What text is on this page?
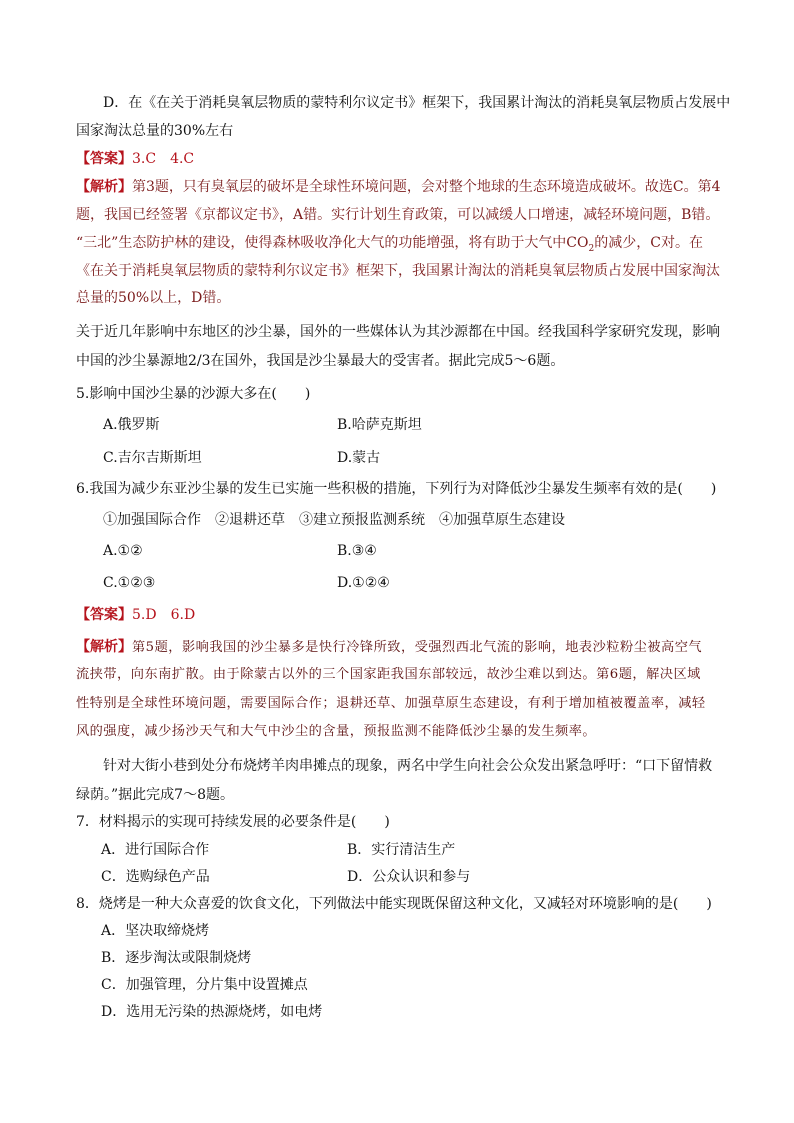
D．在《在关于消耗臭氧层物质的蒙特利尔议定书》框架下，我国累计淘汰的消耗臭氧层物质占发展中
国家淘汰总量的30%左右
【答案】3.C　4.C
【解析】第3题，只有臭氧层的破坏是全球性环境问题，会对整个地球的生态环境造成破坏。故选C。第4
题，我国已经签署《京都议定书》，A错。实行计划生育政策，可以减缓人口增速，减轻环境问题，B错。
“三北”生态防护林的建设，使得森林吸收净化大气的功能增强，将有助于大气中$CO_2$的减少，C对。在
《在关于消耗臭氧层物质的蒙特利尔议定书》框架下，我国累计淘汰的消耗臭氧层物质占发展中国家淘汰
总量的50%以上，D错。
关于近几年影响中东地区的沙尘暴，国外的一些媒体认为其沙源都在中国。经我国科学家研究发现，影响
中国的沙尘暴源地2/3在国外，我国是沙尘暴最大的受害者。据此完成5～6题。
5.影响中国沙尘暴的沙源大多在(　　)
A.俄罗斯	B.哈萨克斯坦
C.吉尔吉斯斯坦	D.蒙古
6.我国为减少东亚沙尘暴的发生已实施一些积极的措施，下列行为对降低沙尘暴发生频率有效的是(　　)
①加强国际合作　②退耕还草　③建立预报监测系统　④加强草原生态建设
A.①②	B.③④
C.①②③	D.①②④
【答案】5.D　6.D
【解析】第5题，影响我国的沙尘暴多是快行冷锋所致，受强烈西北气流的影响，地表沙粒粉尘被高空气
流挟带，向东南扩散。由于除蒙古以外的三个国家距我国东部较远，故沙尘难以到达。第6题，解决区域
性特别是全球性环境问题，需要国际合作；退耕还草、加强草原生态建设，有利于增加植被覆盖率，减轻
风的强度，减少扬沙天气和大气中沙尘的含量，预报监测不能降低沙尘暴的发生频率。
针对大街小巷到处分布烧烤羊肉串摊点的现象，两名中学生向社会公众发出紧急呼吁：“口下留情救
绿荫。”据此完成7～8题。
7．材料揭示的实现可持续发展的必要条件是(　　)
A．进行国际合作	B．实行清洁生产
C．选购绿色产品	D．公众认识和参与
8．烧烤是一种大众喜爱的饮食文化，下列做法中能实现既保留这种文化，又减轻对环境影响的是(　　)
A．坚决取缔烧烤
B．逐步淘汰或限制烧烤
C．加强管理，分片集中设置摊点
D．选用无污染的热源烧烤，如电烤
